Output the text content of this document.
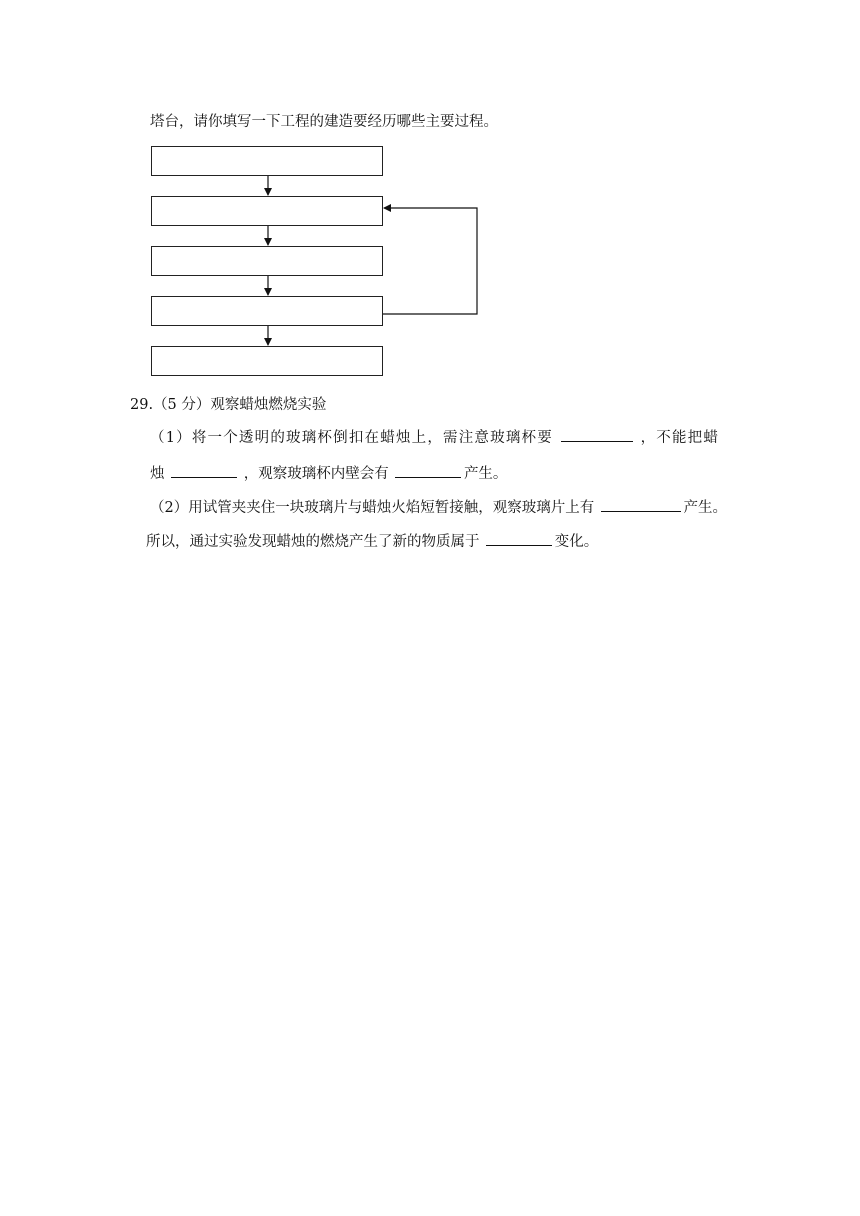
塔台，请你填写一下工程的建造要经历哪些主要过程。
29.（5 分）观察蜡烛燃烧实验
（1）将一个透明的玻璃杯倒扣在蜡烛上，需注意玻璃杯要	，不能把蜡
烛	，观察玻璃杯内壁会有	产生。
（2）用试管夹夹住一块玻璃片与蜡烛火焰短暂接触，观察玻璃片上有	产生。
所以，通过实验发现蜡烛的燃烧产生了新的物质属于	变化。
